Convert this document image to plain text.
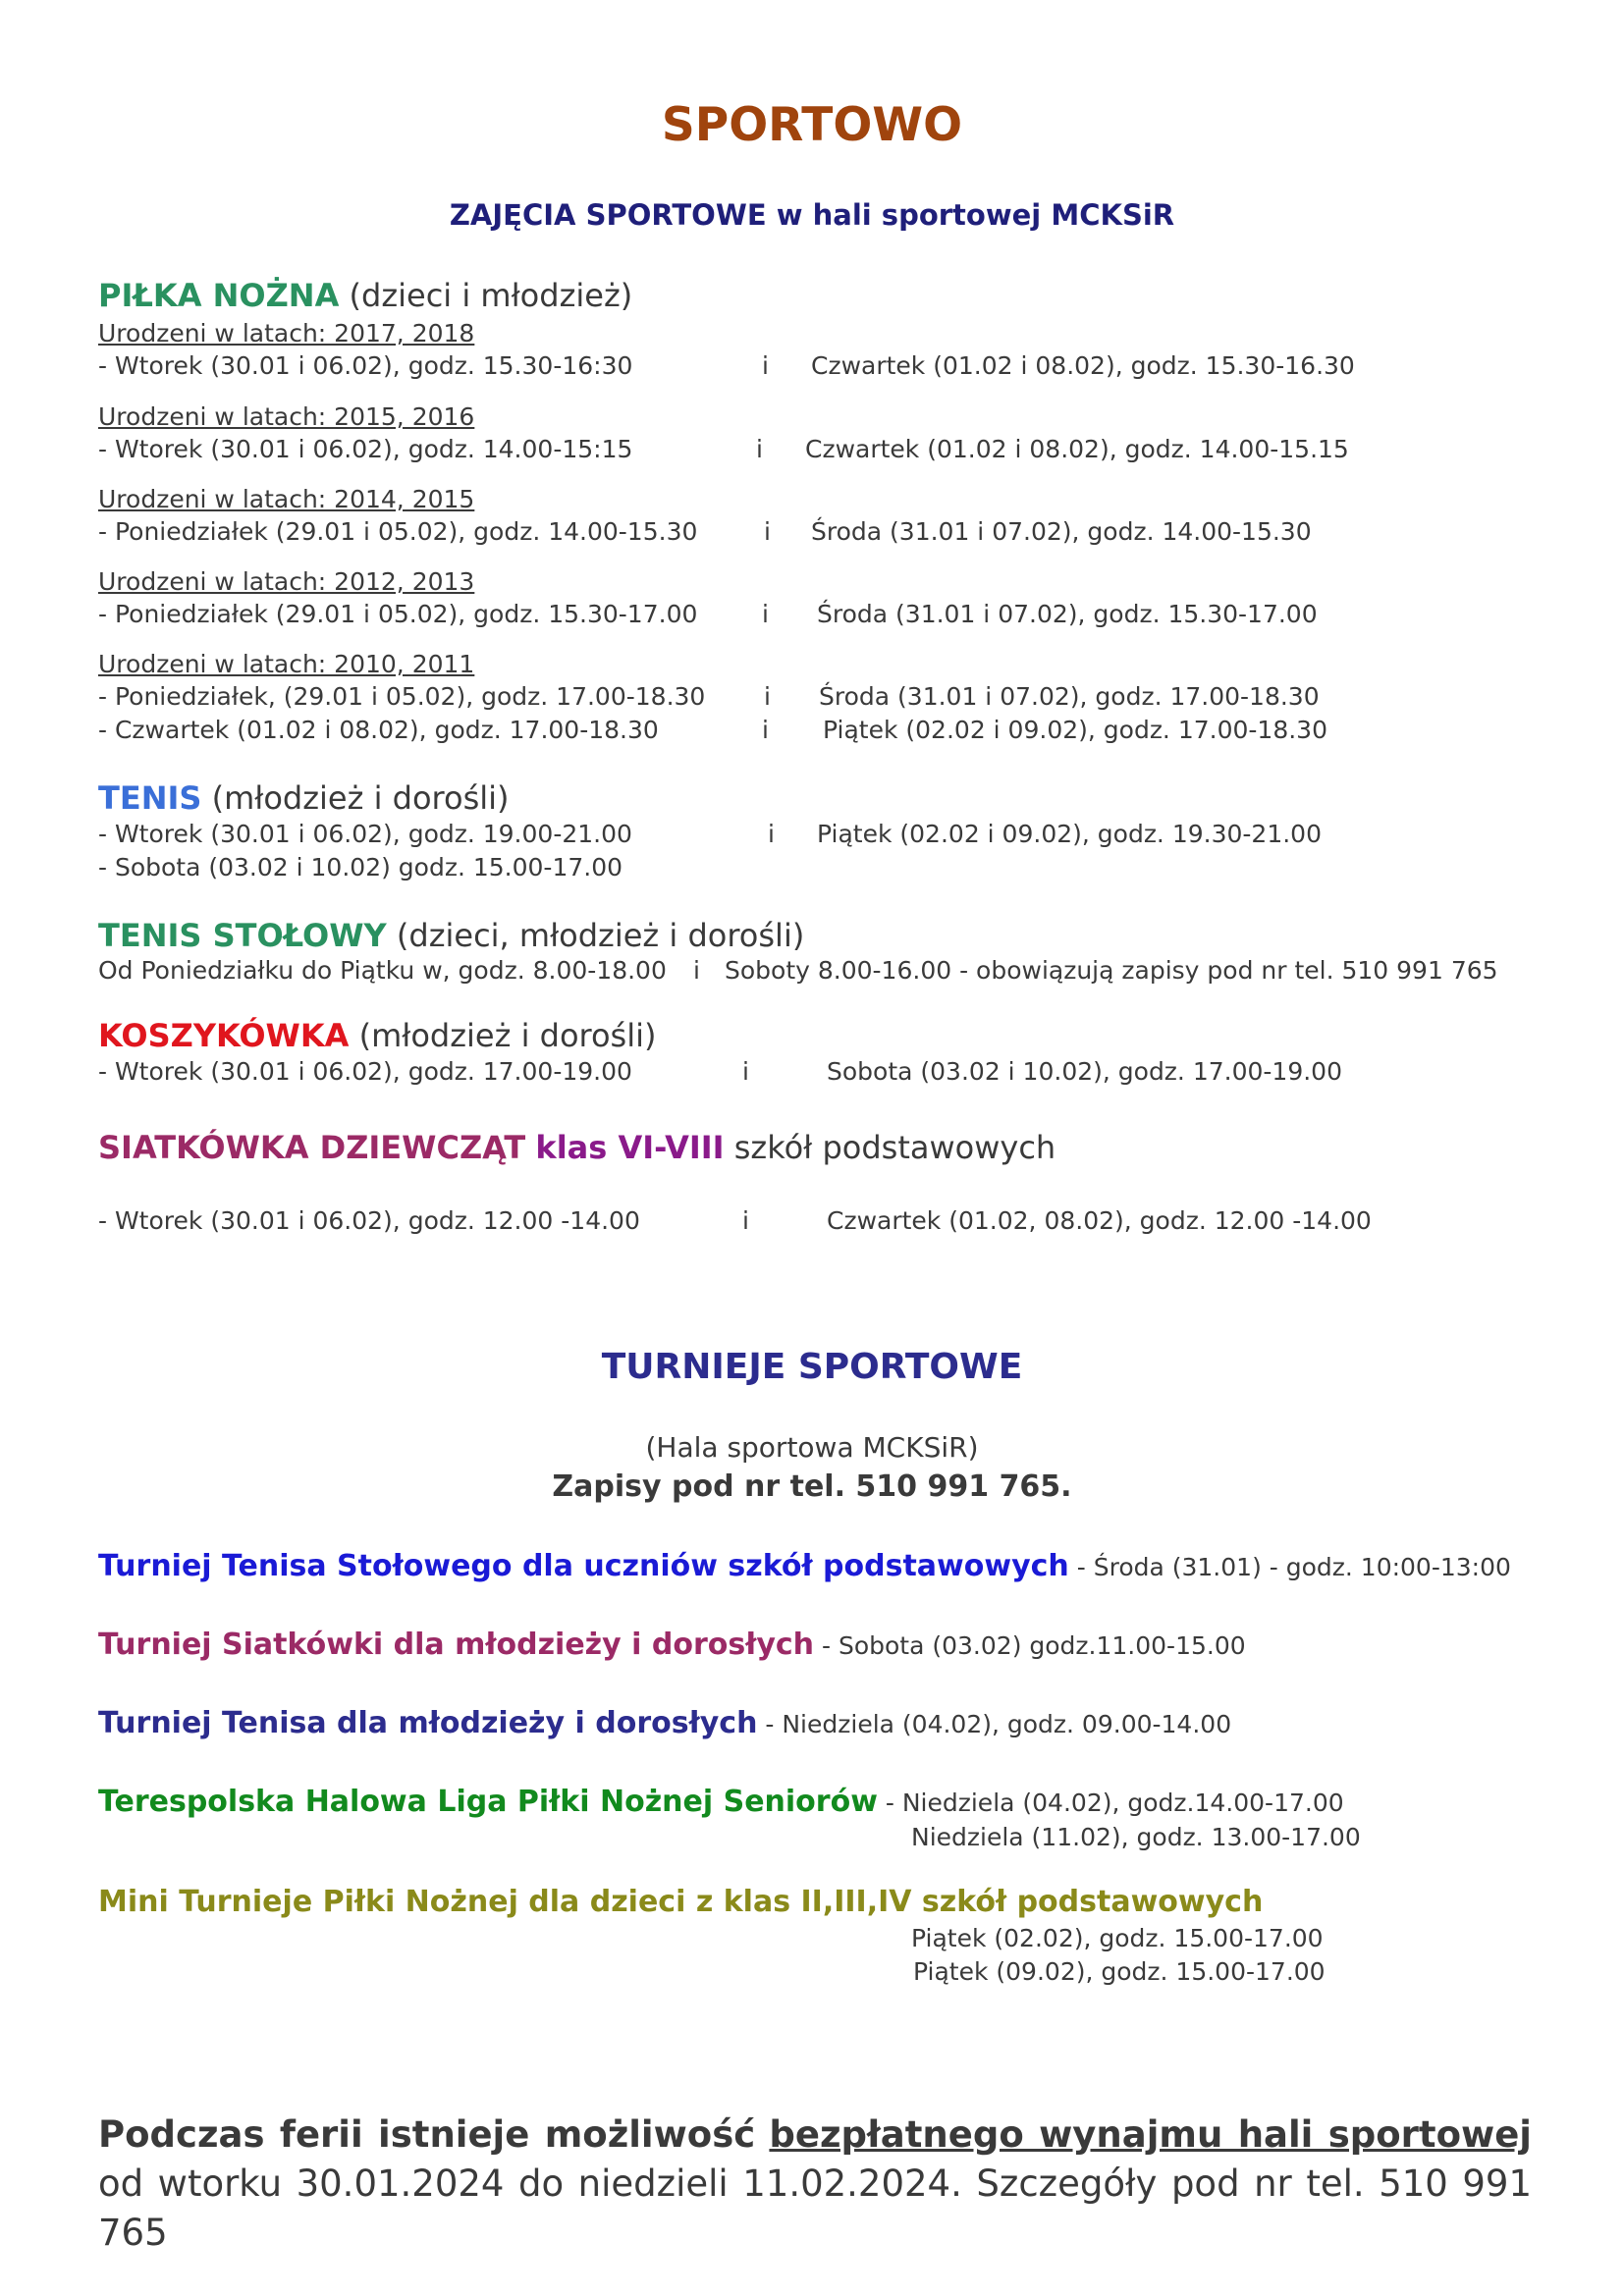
SPORTOWO
ZAJĘCIA SPORTOWE w hali sportowej MCKSiR
PIŁKA NOŻNA (dzieci i młodzież)
Urodzeni w latach: 2017, 2018
- Wtorek (30.01 i 06.02), godz. 15.30-16:30	i Czwartek (01.02 i 08.02), godz. 15.30-16.30
Urodzeni w latach: 2015, 2016
- Wtorek (30.01 i 06.02), godz. 14.00-15:15	i Czwartek (01.02 i 08.02), godz. 14.00-15.15
Urodzeni w latach: 2014, 2015
- Poniedziałek (29.01 i 05.02), godz. 14.00-15.30	i Środa (31.01 i 07.02), godz. 14.00-15.30
Urodzeni w latach: 2012, 2013
- Poniedziałek (29.01 i 05.02), godz. 15.30-17.00	i Środa (31.01 i 07.02), godz. 15.30-17.00
Urodzeni w latach: 2010, 2011
- Poniedziałek, (29.01 i 05.02), godz. 17.00-18.30 i Środa (31.01 i 07.02), godz. 17.00-18.30
- Czwartek (01.02 i 08.02), godz. 17.00-18.30	i Piątek (02.02 i 09.02), godz. 17.00-18.30
TENIS (młodzież i dorośli)
- Wtorek (30.01 i 06.02), godz. 19.00-21.00	i Piątek (02.02 i 09.02), godz. 19.30-21.00
- Sobota (03.02 i 10.02) godz. 15.00-17.00
TENIS STOŁOWY (dzieci, młodzież i dorośli)
Od Poniedziałku do Piątku w, godz. 8.00-18.00 i Soboty 8.00-16.00 - obowiązują zapisy pod nr tel. 510 991 765
KOSZYKÓWKA (młodzież i dorośli)
- Wtorek (30.01 i 06.02), godz. 17.00-19.00	i	Sobota (03.02 i 10.02), godz. 17.00-19.00
SIATKÓWKA DZIEWCZĄT klas VI-VIII szkół podstawowych
- Wtorek (30.01 i 06.02), godz. 12.00 -14.00	i	Czwartek (01.02, 08.02), godz. 12.00 -14.00
TURNIEJE SPORTOWE
(Hala sportowa MCKSiR)
Zapisy pod nr tel. 510 991 765.
Turniej Tenisa Stołowego dla uczniów szkół podstawowych - Środa (31.01) - godz. 10:00-13:00
Turniej Siatkówki dla młodzieży i dorosłych - Sobota (03.02) godz.11.00-15.00
Turniej Tenisa dla młodzieży i dorosłych - Niedziela (04.02), godz. 09.00-14.00
Terespolska Halowa Liga Piłki Nożnej Seniorów - Niedziela (04.02), godz.14.00-17.00
Niedziela (11.02), godz. 13.00-17.00
Mini Turnieje Piłki Nożnej dla dzieci z klas II,III,IV szkół podstawowych
Piątek (02.02), godz. 15.00-17.00
Piątek (09.02), godz. 15.00-17.00
Podczas ferii istnieje możliwość bezpłatnego wynajmu hali sportowej od wtorku 30.01.2024 do niedzieli 11.02.2024. Szczegóły pod nr tel. 510 991 765
